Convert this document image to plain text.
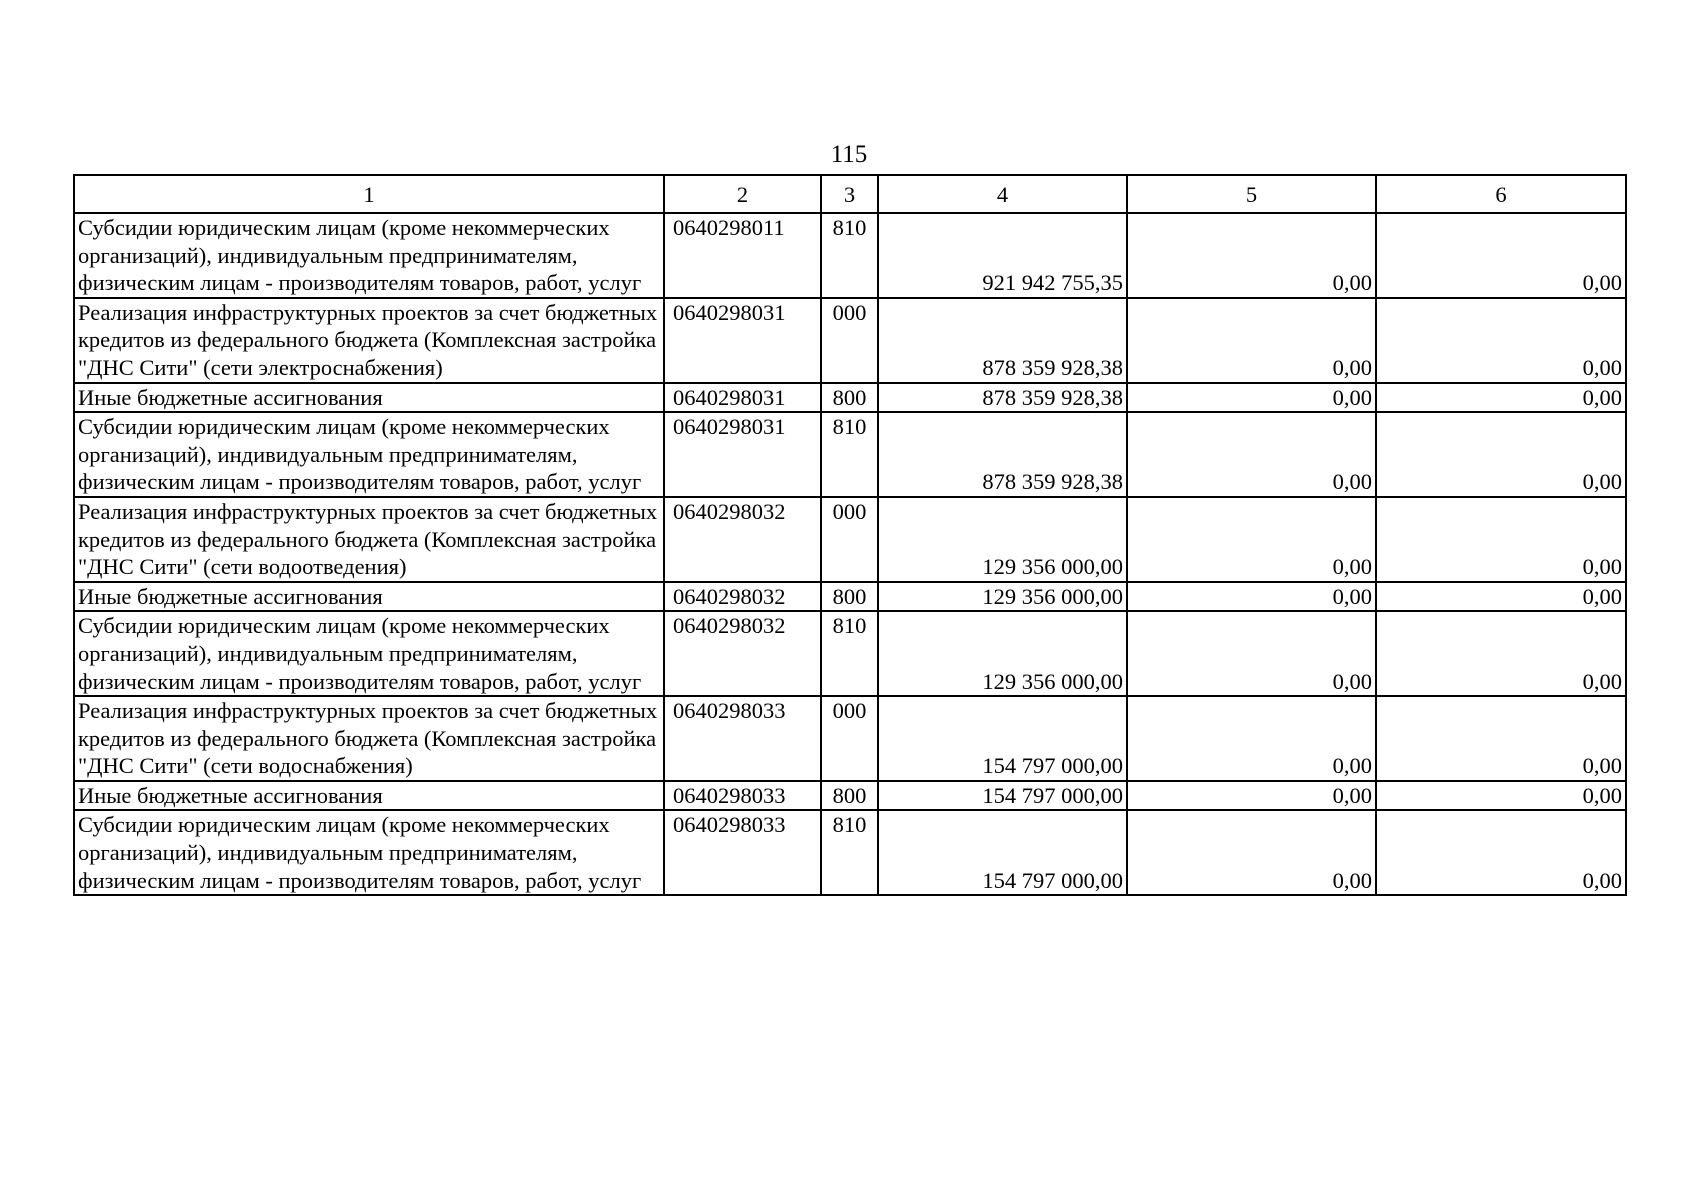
115
1	2	3	4	5	6
Субсидии юридическим лицам (кроме некоммерческих организаций), индивидуальным предпринимателям, физическим лицам - производителям товаров, работ, услуг	0640298011	810	921 942 755,35	0,00	0,00
Реализация инфраструктурных проектов за счет бюджетных кредитов из федерального бюджета (Комплексная застройка "ДНС Сити" (сети электроснабжения)	0640298031	000	878 359 928,38	0,00	0,00
Иные бюджетные ассигнования	0640298031	800	878 359 928,38	0,00	0,00
Субсидии юридическим лицам (кроме некоммерческих организаций), индивидуальным предпринимателям, физическим лицам - производителям товаров, работ, услуг	0640298031	810	878 359 928,38	0,00	0,00
Реализация инфраструктурных проектов за счет бюджетных кредитов из федерального бюджета (Комплексная застройка "ДНС Сити" (сети водоотведения)	0640298032	000	129 356 000,00	0,00	0,00
Иные бюджетные ассигнования	0640298032	800	129 356 000,00	0,00	0,00
Субсидии юридическим лицам (кроме некоммерческих организаций), индивидуальным предпринимателям, физическим лицам - производителям товаров, работ, услуг	0640298032	810	129 356 000,00	0,00	0,00
Реализация инфраструктурных проектов за счет бюджетных кредитов из федерального бюджета (Комплексная застройка "ДНС Сити" (сети водоснабжения)	0640298033	000	154 797 000,00	0,00	0,00
Иные бюджетные ассигнования	0640298033	800	154 797 000,00	0,00	0,00
Субсидии юридическим лицам (кроме некоммерческих организаций), индивидуальным предпринимателям, физическим лицам - производителям товаров, работ, услуг	0640298033	810	154 797 000,00	0,00	0,00
